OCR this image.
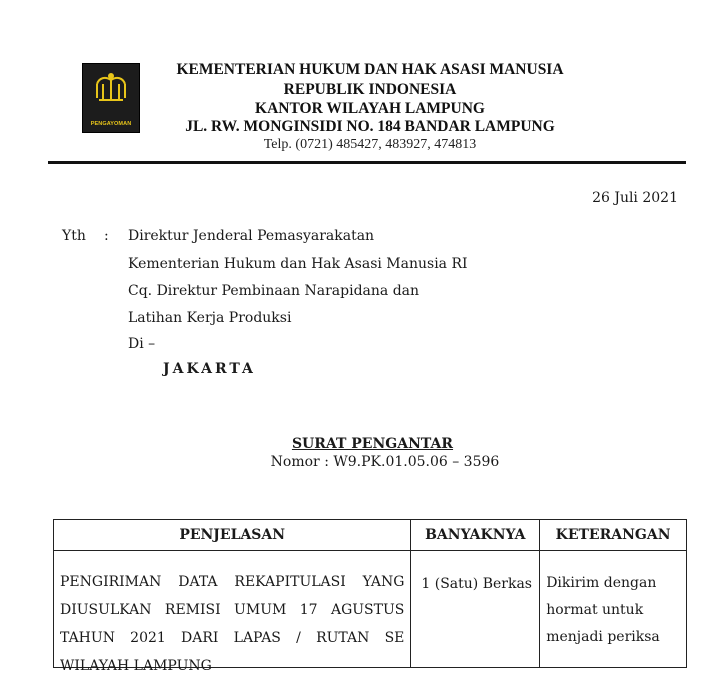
PENGAYOMAN
KEMENTERIAN HUKUM DAN HAK ASASI MANUSIA
REPUBLIK INDONESIA
KANTOR WILAYAH LAMPUNG
JL. RW. MONGINSIDI NO. 184 BANDAR LAMPUNG
Telp. (0721) 485427, 483927, 474813
26 Juli 2021
Yth : Direktur Jenderal Pemasyarakatan
Kementerian Hukum dan Hak Asasi Manusia RI
Cq. Direktur Pembinaan Narapidana dan
Latihan Kerja Produksi
Di –
JAKARTA
SURAT PENGANTAR
Nomor : W9.PK.01.05.06 – 3596
PENJELASAN	BANYAKNYA	KETERANGAN

PENGIRIMAN DATA REKAPITULASI YANG DIUSULKAN REMISI UMUM 17 AGUSTUS TAHUN 2021 DARI LAPAS / RUTAN SE WILAYAH LAMPUNG	1 (Satu) Berkas	Dikirim dengan hormat untuk menjadi periksa
